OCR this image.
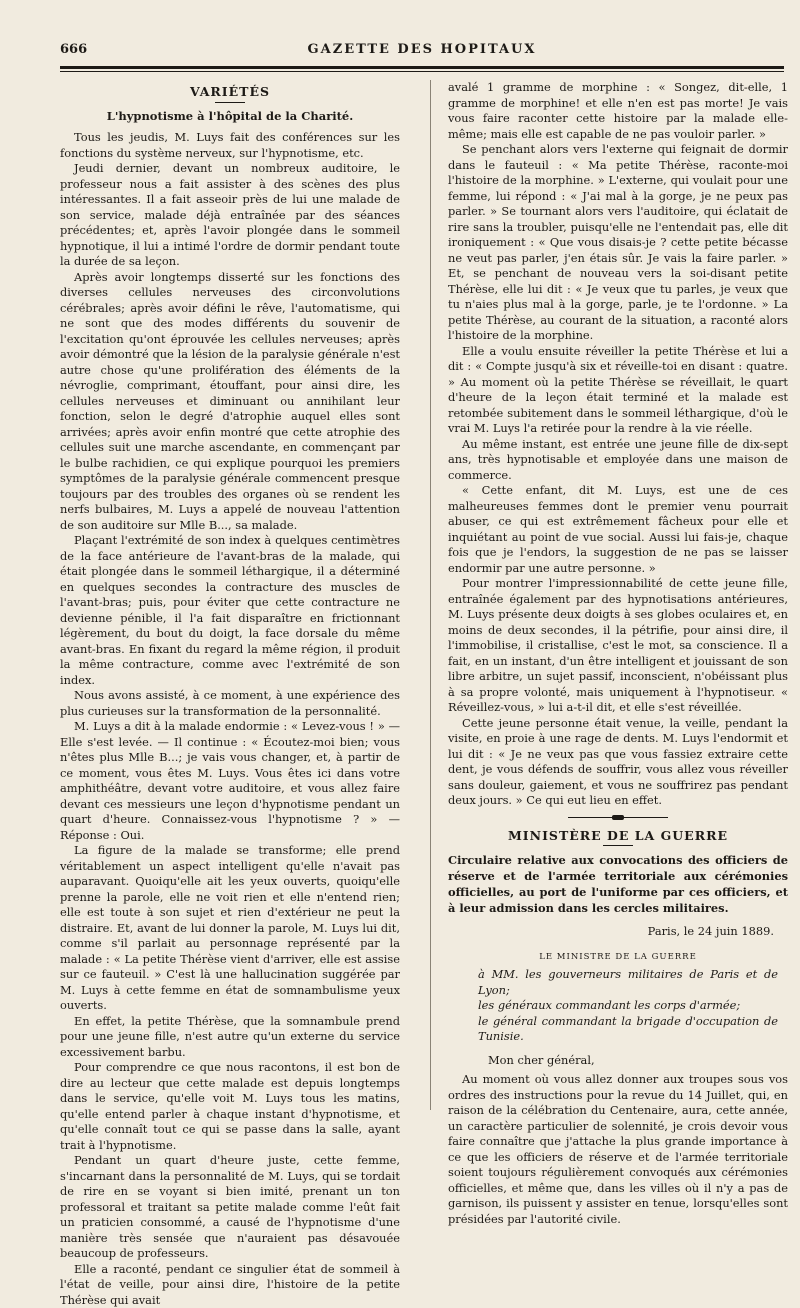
666	GAZETTE DES HOPITAUX
VARIÉTÉS
L'hypnotisme à l'hôpital de la Charité.

Tous les jeudis, M. Luys fait des conférences sur les fonctions du système nerveux, sur l'hypnotisme, etc.

Jeudi dernier, devant un nombreux auditoire, le professeur nous a fait assister à des scènes des plus intéressantes. Il a fait asseoir près de lui une malade de son service, malade déjà entraînée par des séances précédentes; et, après l'avoir plongée dans le sommeil hypnotique, il lui a intimé l'ordre de dormir pendant toute la durée de sa leçon.

Après avoir longtemps disserté sur les fonctions des diverses cellules nerveuses des circonvolutions cérébrales; après avoir défini le rêve, l'automatisme, qui ne sont que des modes différents du souvenir de l'excitation qu'ont éprouvée les cellules nerveuses; après avoir démontré que la lésion de la paralysie générale n'est autre chose qu'une prolifération des éléments de la névroglie, comprimant, étouffant, pour ainsi dire, les cellules nerveuses et diminuant ou annihilant leur fonction, selon le degré d'atrophie auquel elles sont arrivées; après avoir enfin montré que cette atrophie des cellules suit une marche ascendante, en commençant par le bulbe rachidien, ce qui explique pourquoi les premiers symptômes de la paralysie générale commencent presque toujours par des troubles des organes où se rendent les nerfs bulbaires, M. Luys a appelé de nouveau l'attention de son auditoire sur Mlle B..., sa malade.

Plaçant l'extrémité de son index à quelques centimètres de la face antérieure de l'avant-bras de la malade, qui était plongée dans le sommeil léthargique, il a déterminé en quelques secondes la contracture des muscles de l'avant-bras; puis, pour éviter que cette contracture ne devienne pénible, il l'a fait disparaître en frictionnant légèrement, du bout du doigt, la face dorsale du même avant-bras. En fixant du regard la même région, il produit la même contracture, comme avec l'extrémité de son index.

Nous avons assisté, à ce moment, à une expérience des plus curieuses sur la transformation de la personnalité.

M. Luys a dit à la malade endormie : « Levez-vous ! » — Elle s'est levée. — Il continue : « Écoutez-moi bien; vous n'êtes plus Mlle B...; je vais vous changer, et, à partir de ce moment, vous êtes M. Luys. Vous êtes ici dans votre amphithéâtre, devant votre auditoire, et vous allez faire devant ces messieurs une leçon d'hypnotisme pendant un quart d'heure. Connaissez-vous l'hypnotisme ? » — Réponse : Oui.

La figure de la malade se transforme; elle prend véritablement un aspect intelligent qu'elle n'avait pas auparavant. Quoiqu'elle ait les yeux ouverts, quoiqu'elle prenne la parole, elle ne voit rien et elle n'entend rien; elle est toute à son sujet et rien d'extérieur ne peut la distraire. Et, avant de lui donner la parole, M. Luys lui dit, comme s'il parlait au personnage représenté par la malade : « La petite Thérèse vient d'arriver, elle est assise sur ce fauteuil. » C'est là une hallucination suggérée par M. Luys à cette femme en état de somnambulisme yeux ouverts.

En effet, la petite Thérèse, que la somnambule prend pour une jeune fille, n'est autre qu'un externe du service excessivement barbu.

Pour comprendre ce que nous racontons, il est bon de dire au lecteur que cette malade est depuis longtemps dans le service, qu'elle voit M. Luys tous les matins, qu'elle entend parler à chaque instant d'hypnotisme, et qu'elle connaît tout ce qui se passe dans la salle, ayant trait à l'hypnotisme.

Pendant un quart d'heure juste, cette femme, s'incarnant dans la personnalité de M. Luys, qui se tordait de rire en se voyant si bien imité, prenant un ton professoral et traitant sa petite malade comme l'eût fait un praticien consommé, a causé de l'hypnotisme d'une manière très sensée que n'auraient pas désavouée beaucoup de professeurs.

Elle a raconté, pendant ce singulier état de sommeil à l'état de veille, pour ainsi dire, l'histoire de la petite Thérèse qui avait

avalé 1 gramme de morphine : « Songez, dit-elle, 1 gramme de morphine! et elle n'en est pas morte! Je vais vous faire raconter cette histoire par la malade elle-même; mais elle est capable de ne pas vouloir parler. »

Se penchant alors vers l'externe qui feignait de dormir dans le fauteuil : « Ma petite Thérèse, raconte-moi l'histoire de la morphine. » L'externe, qui voulait pour une femme, lui répond : « J'ai mal à la gorge, je ne peux pas parler. » Se tournant alors vers l'auditoire, qui éclatait de rire sans la troubler, puisqu'elle ne l'entendait pas, elle dit ironiquement : « Que vous disais-je ? cette petite bécasse ne veut pas parler, j'en étais sûr. Je vais la faire parler. » Et, se penchant de nouveau vers la soi-disant petite Thérèse, elle lui dit : « Je veux que tu parles, je veux que tu n'aies plus mal à la gorge, parle, je te l'ordonne. » La petite Thérèse, au courant de la situation, a raconté alors l'histoire de la morphine.

Elle a voulu ensuite réveiller la petite Thérèse et lui a dit : « Compte jusqu'à six et réveille-toi en disant : quatre. » Au moment où la petite Thérèse se réveillait, le quart d'heure de la leçon était terminé et la malade est retombée subitement dans le sommeil léthargique, d'où le vrai M. Luys l'a retirée pour la rendre à la vie réelle.

Au même instant, est entrée une jeune fille de dix-sept ans, très hypnotisable et employée dans une maison de commerce.

« Cette enfant, dit M. Luys, est une de ces malheureuses femmes dont le premier venu pourrait abuser, ce qui est extrêmement fâcheux pour elle et inquiétant au point de vue social. Aussi lui fais-je, chaque fois que je l'endors, la suggestion de ne pas se laisser endormir par une autre personne. »

Pour montrer l'impressionnabilité de cette jeune fille, entraînée également par des hypnotisations antérieures, M. Luys présente deux doigts à ses globes oculaires et, en moins de deux secondes, il la pétrifie, pour ainsi dire, il l'immobilise, il cristallise, c'est le mot, sa conscience. Il a fait, en un instant, d'un être intelligent et jouissant de son libre arbitre, un sujet passif, inconscient, n'obéissant plus à sa propre volonté, mais uniquement à l'hypnotiseur. « Réveillez-vous, » lui a-t-il dit, et elle s'est réveillée.

Cette jeune personne était venue, la veille, pendant la visite, en proie à une rage de dents. M. Luys l'endormit et lui dit : « Je ne veux pas que vous fassiez extraire cette dent, je vous défends de souffrir, vous allez vous réveiller sans douleur, gaiement, et vous ne souffrirez pas pendant deux jours. » Ce qui eut lieu en effet.

MINISTÈRE DE LA GUERRE

Circulaire relative aux convocations des officiers de réserve et de l'armée territoriale aux cérémonies officielles, au port de l'uniforme par ces officiers, et à leur admission dans les cercles militaires.

Paris, le 24 juin 1889.

LE MINISTRE DE LA GUERRE

à MM. les gouverneurs militaires de Paris et de Lyon;

les généraux commandant les corps d'armée;

le général commandant la brigade d'occupation de Tunisie.

Mon cher général,

Au moment où vous allez donner aux troupes sous vos ordres des instructions pour la revue du 14 Juillet, qui, en raison de la célébration du Centenaire, aura, cette année, un caractère particulier de solennité, je crois devoir vous faire connaître que j'attache la plus grande importance à ce que les officiers de réserve et de l'armée territoriale soient toujours régulièrement convoqués aux cérémonies officielles, et même que, dans les villes où il n'y a pas de garnison, ils puissent y assister en tenue, lorsqu'elles sont présidées par l'autorité civile.
